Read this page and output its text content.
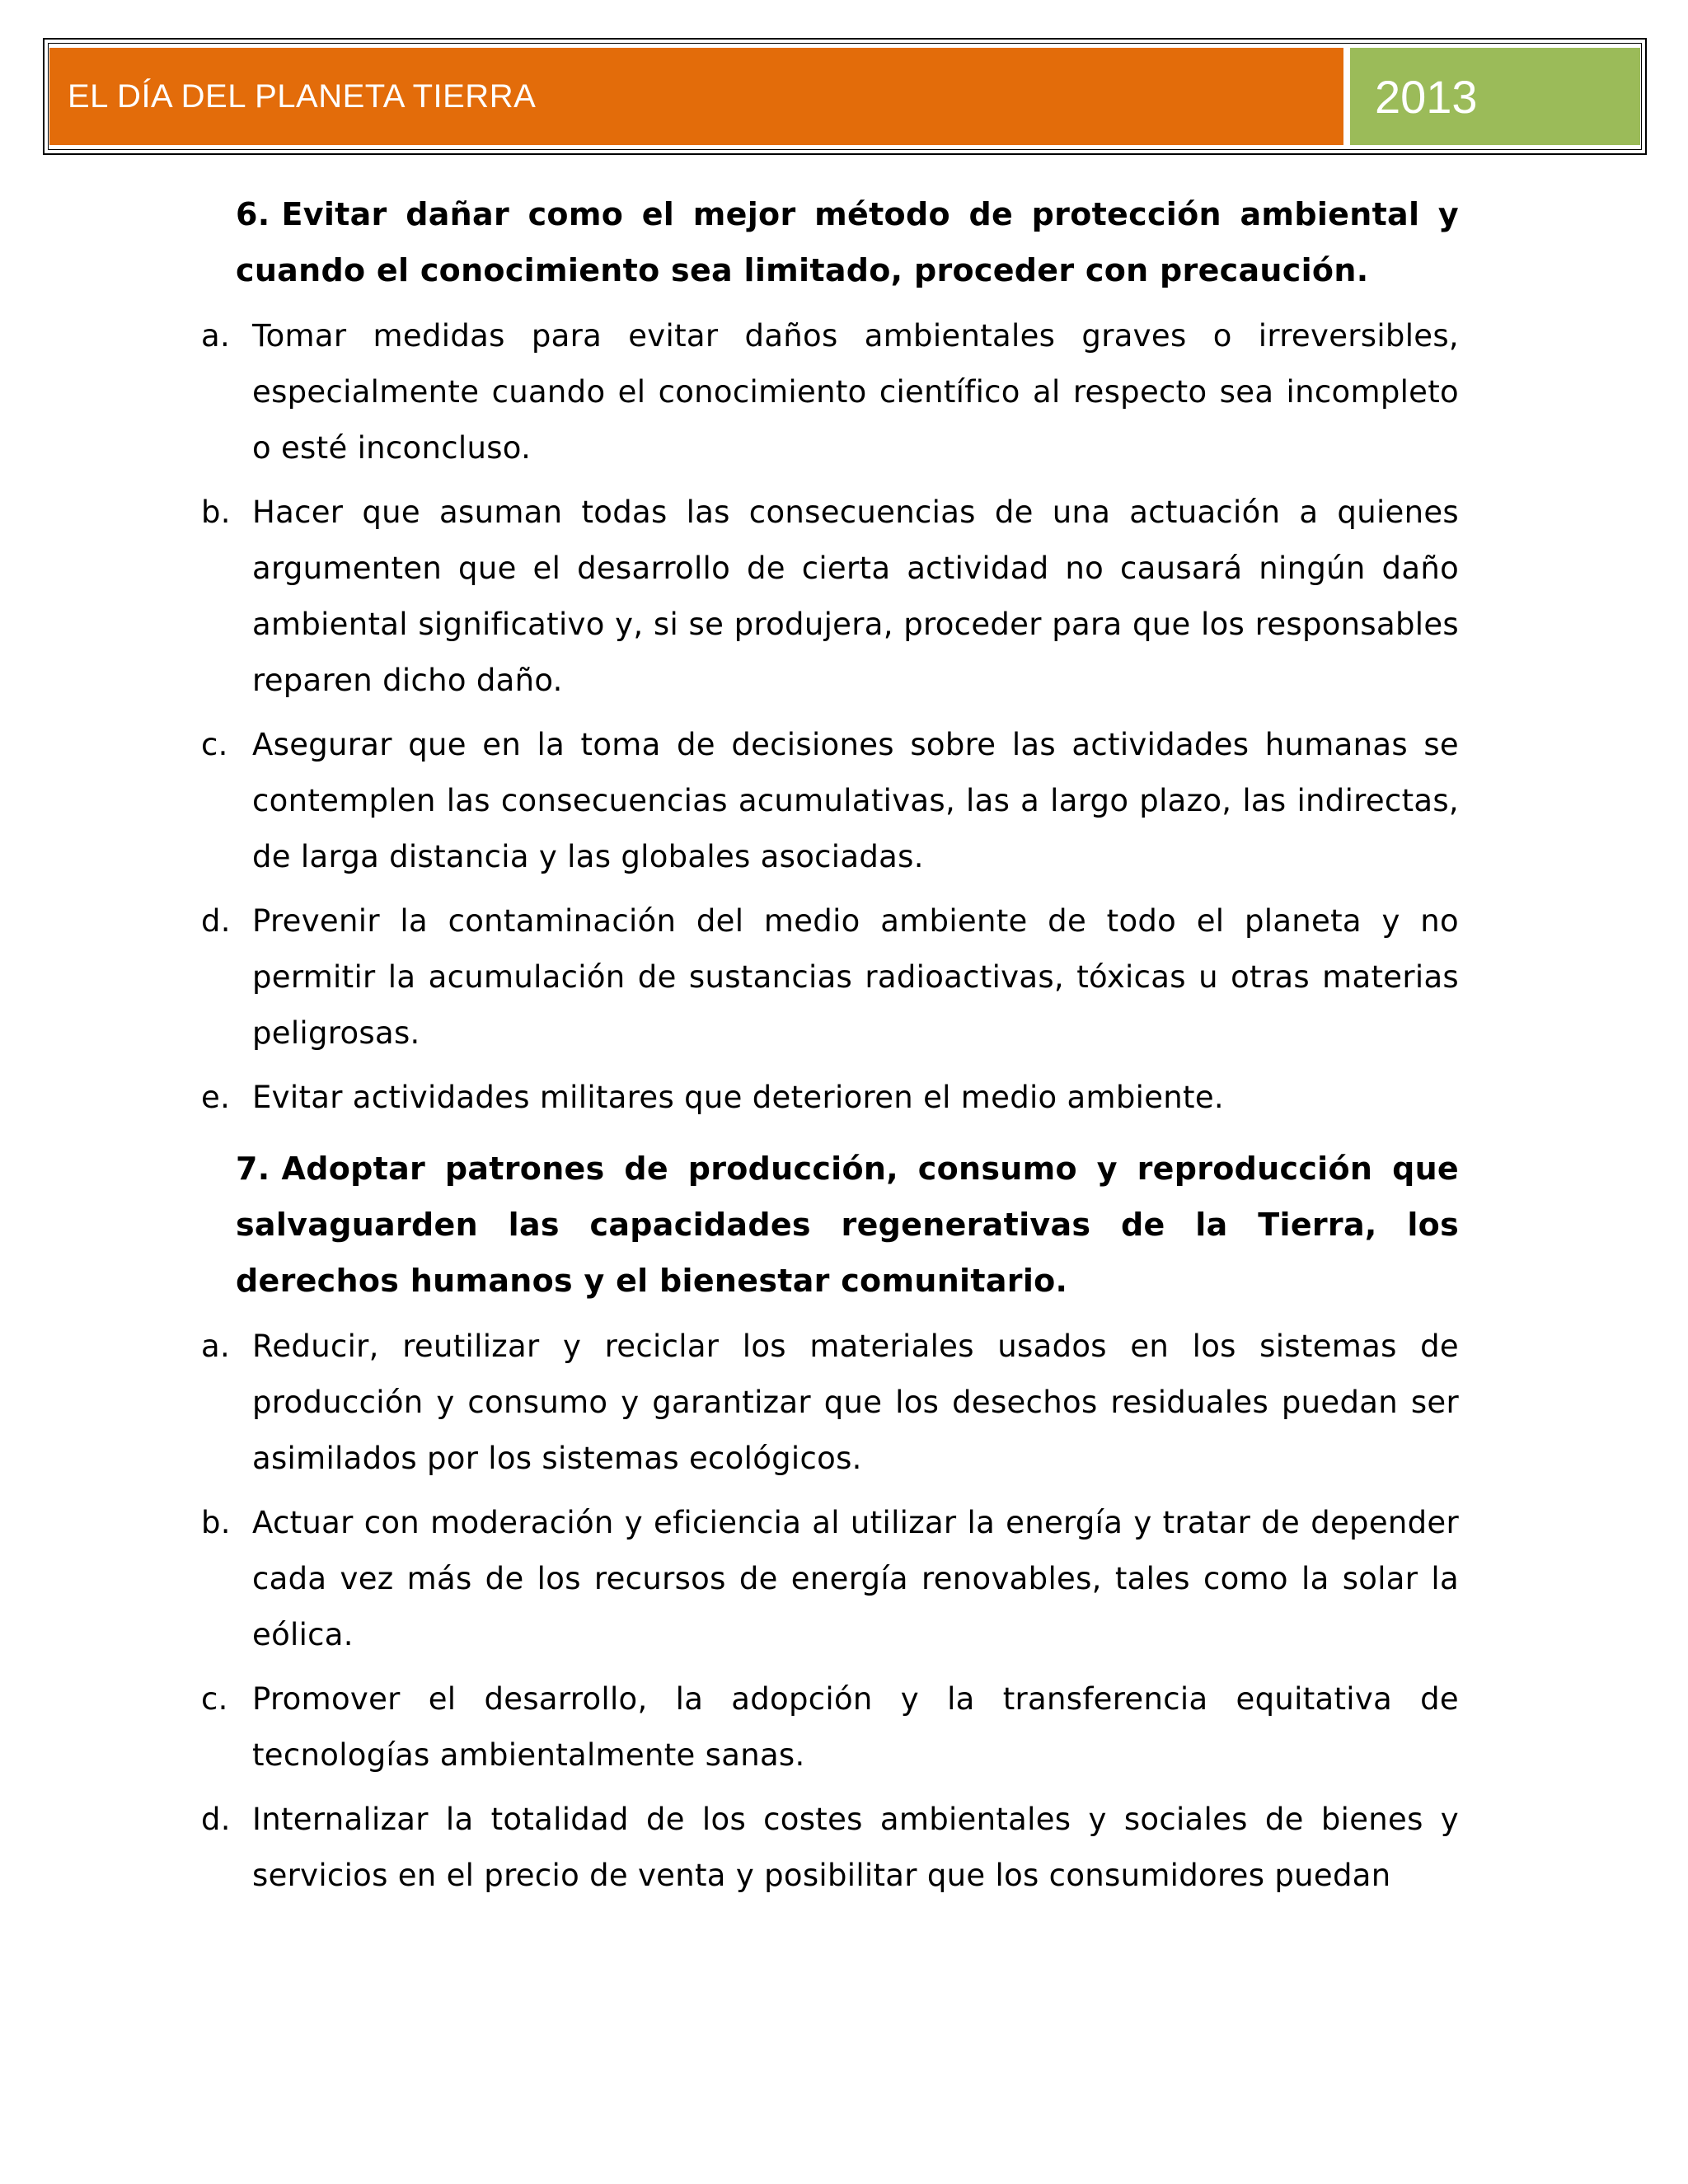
EL DÍA DEL PLANETA TIERRA	2013

6. Evitar dañar como el mejor método de protección ambiental y cuando el conocimiento sea limitado, proceder con precaución.

a. Tomar medidas para evitar daños ambientales graves o irreversibles, especialmente cuando el conocimiento científico al respecto sea incompleto o esté inconcluso.
b. Hacer que asuman todas las consecuencias de una actuación a quienes argumenten que el desarrollo de cierta actividad no causará ningún daño ambiental significativo y, si se produjera, proceder para que los responsables reparen dicho daño.
c. Asegurar que en la toma de decisiones sobre las actividades humanas se contemplen las consecuencias acumulativas, las a largo plazo, las indirectas, de larga distancia y las globales asociadas.
d. Prevenir la contaminación del medio ambiente de todo el planeta y no permitir la acumulación de sustancias radioactivas, tóxicas u otras materias peligrosas.
e. Evitar actividades militares que deterioren el medio ambiente.

7. Adoptar patrones de producción, consumo y reproducción que salvaguarden las capacidades regenerativas de la Tierra, los derechos humanos y el bienestar comunitario.

a. Reducir, reutilizar y reciclar los materiales usados en los sistemas de producción y consumo y garantizar que los desechos residuales puedan ser asimilados por los sistemas ecológicos.
b. Actuar con moderación y eficiencia al utilizar la energía y tratar de depender cada vez más de los recursos de energía renovables, tales como la solar la eólica.
c. Promover el desarrollo, la adopción y la transferencia equitativa de tecnologías ambientalmente sanas.
d. Internalizar la totalidad de los costes ambientales y sociales de bienes y servicios en el precio de venta y posibilitar que los consumidores puedan
